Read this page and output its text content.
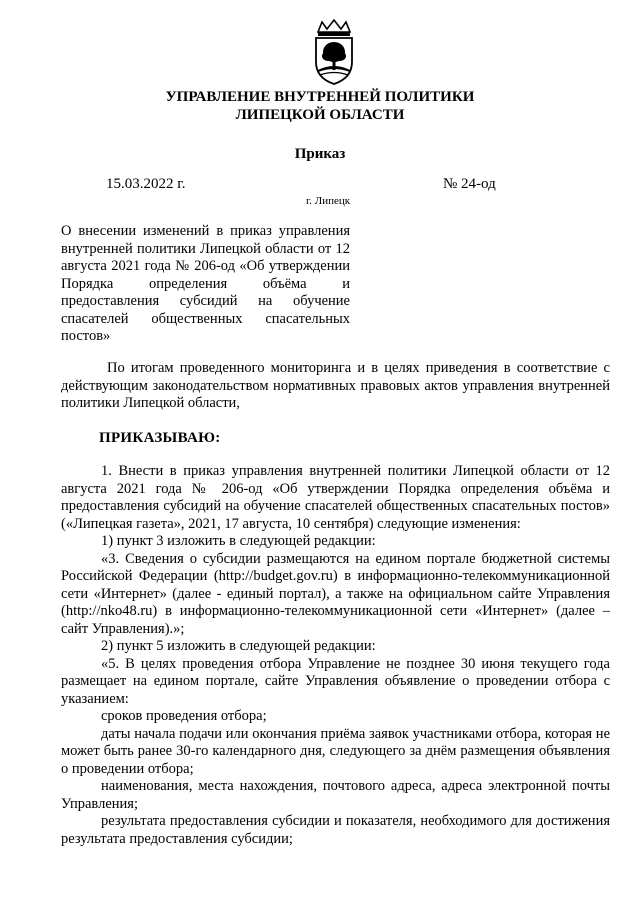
УПРАВЛЕНИЕ ВНУТРЕННЕЙ ПОЛИТИКИ
ЛИПЕЦКОЙ ОБЛАСТИ
Приказ
15.03.2022 г.	№ 24-од
г. Липецк
О внесении изменений в приказ управления внутренней политики Липецкой области от 12 августа 2021 года № 206-од «Об утверждении Порядка определения объёма и предоставления субсидий на обучение спасателей общественных спасательных постов»

По итогам проведенного мониторинга и в целях приведения в соответствие с действующим законодательством нормативных правовых актов управления внутренней политики Липецкой области,

ПРИКАЗЫВАЮ:

1. Внести в приказ управления внутренней политики Липецкой области от 12 августа 2021 года № 206-од «Об утверждении Порядка определения объёма и предоставления субсидий на обучение спасателей общественных спасательных постов» («Липецкая газета», 2021, 17 августа, 10 сентября) следующие изменения:

1) пункт 3 изложить в следующей редакции:

«3. Сведения о субсидии размещаются на едином портале бюджетной системы Российской Федерации (http://budget.gov.ru) в информационно-телекоммуникационной сети «Интернет» (далее - единый портал), а также на официальном сайте Управления (http://nko48.ru) в информационно-телекоммуникационной сети «Интернет» (далее – сайт Управления).»;

2) пункт 5 изложить в следующей редакции:

«5. В целях проведения отбора Управление не позднее 30 июня текущего года размещает на едином портале, сайте Управления объявление о проведении отбора с указанием:

сроков проведения отбора;

даты начала подачи или окончания приёма заявок участниками отбора, которая не может быть ранее 30-го календарного дня, следующего за днём размещения объявления о проведении отбора;

наименования, места нахождения, почтового адреса, адреса электронной почты Управления;

результата предоставления субсидии и показателя, необходимого для достижения результата предоставления субсидии;
